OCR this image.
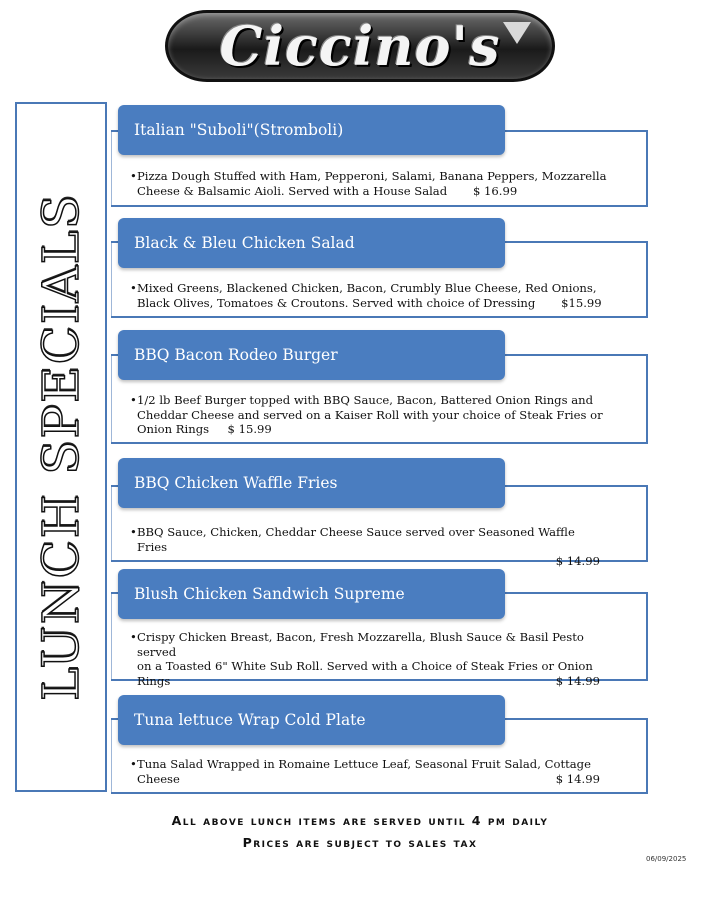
Ciccino's
LUNCH SPECIALS
Italian "Suboli"(Stromboli)
• Pizza Dough Stuffed with Ham, Pepperoni, Salami, Banana Peppers, Mozzarella
Cheese & Balsamic Aioli. Served with a House Salad $ 16.99
Black & Bleu Chicken Salad
• Mixed Greens, Blackened Chicken, Bacon, Crumbly Blue Cheese, Red Onions,
Black Olives, Tomatoes & Croutons. Served with choice of Dressing $15.99
BBQ Bacon Rodeo Burger
• 1/2 lb Beef Burger topped with BBQ Sauce, Bacon, Battered Onion Rings and
Cheddar Cheese and served on a Kaiser Roll with your choice of Steak Fries or
Onion Rings $ 15.99
BBQ Chicken Waffle Fries
• BBQ Sauce, Chicken, Cheddar Cheese Sauce served over Seasoned Waffle Fries
$ 14.99
Blush Chicken Sandwich Supreme
• Crispy Chicken Breast, Bacon, Fresh Mozzarella, Blush Sauce & Basil Pesto served
on a Toasted 6" White Sub Roll. Served with a Choice of Steak Fries or Onion
Rings	$ 14.99
Tuna lettuce Wrap Cold Plate
• Tuna Salad Wrapped in Romaine Lettuce Leaf, Seasonal Fruit Salad, Cottage
Cheese	$ 14.99
All above lunch items are served until 4 pm daily
Prices are subject to sales tax
06/09/2025
